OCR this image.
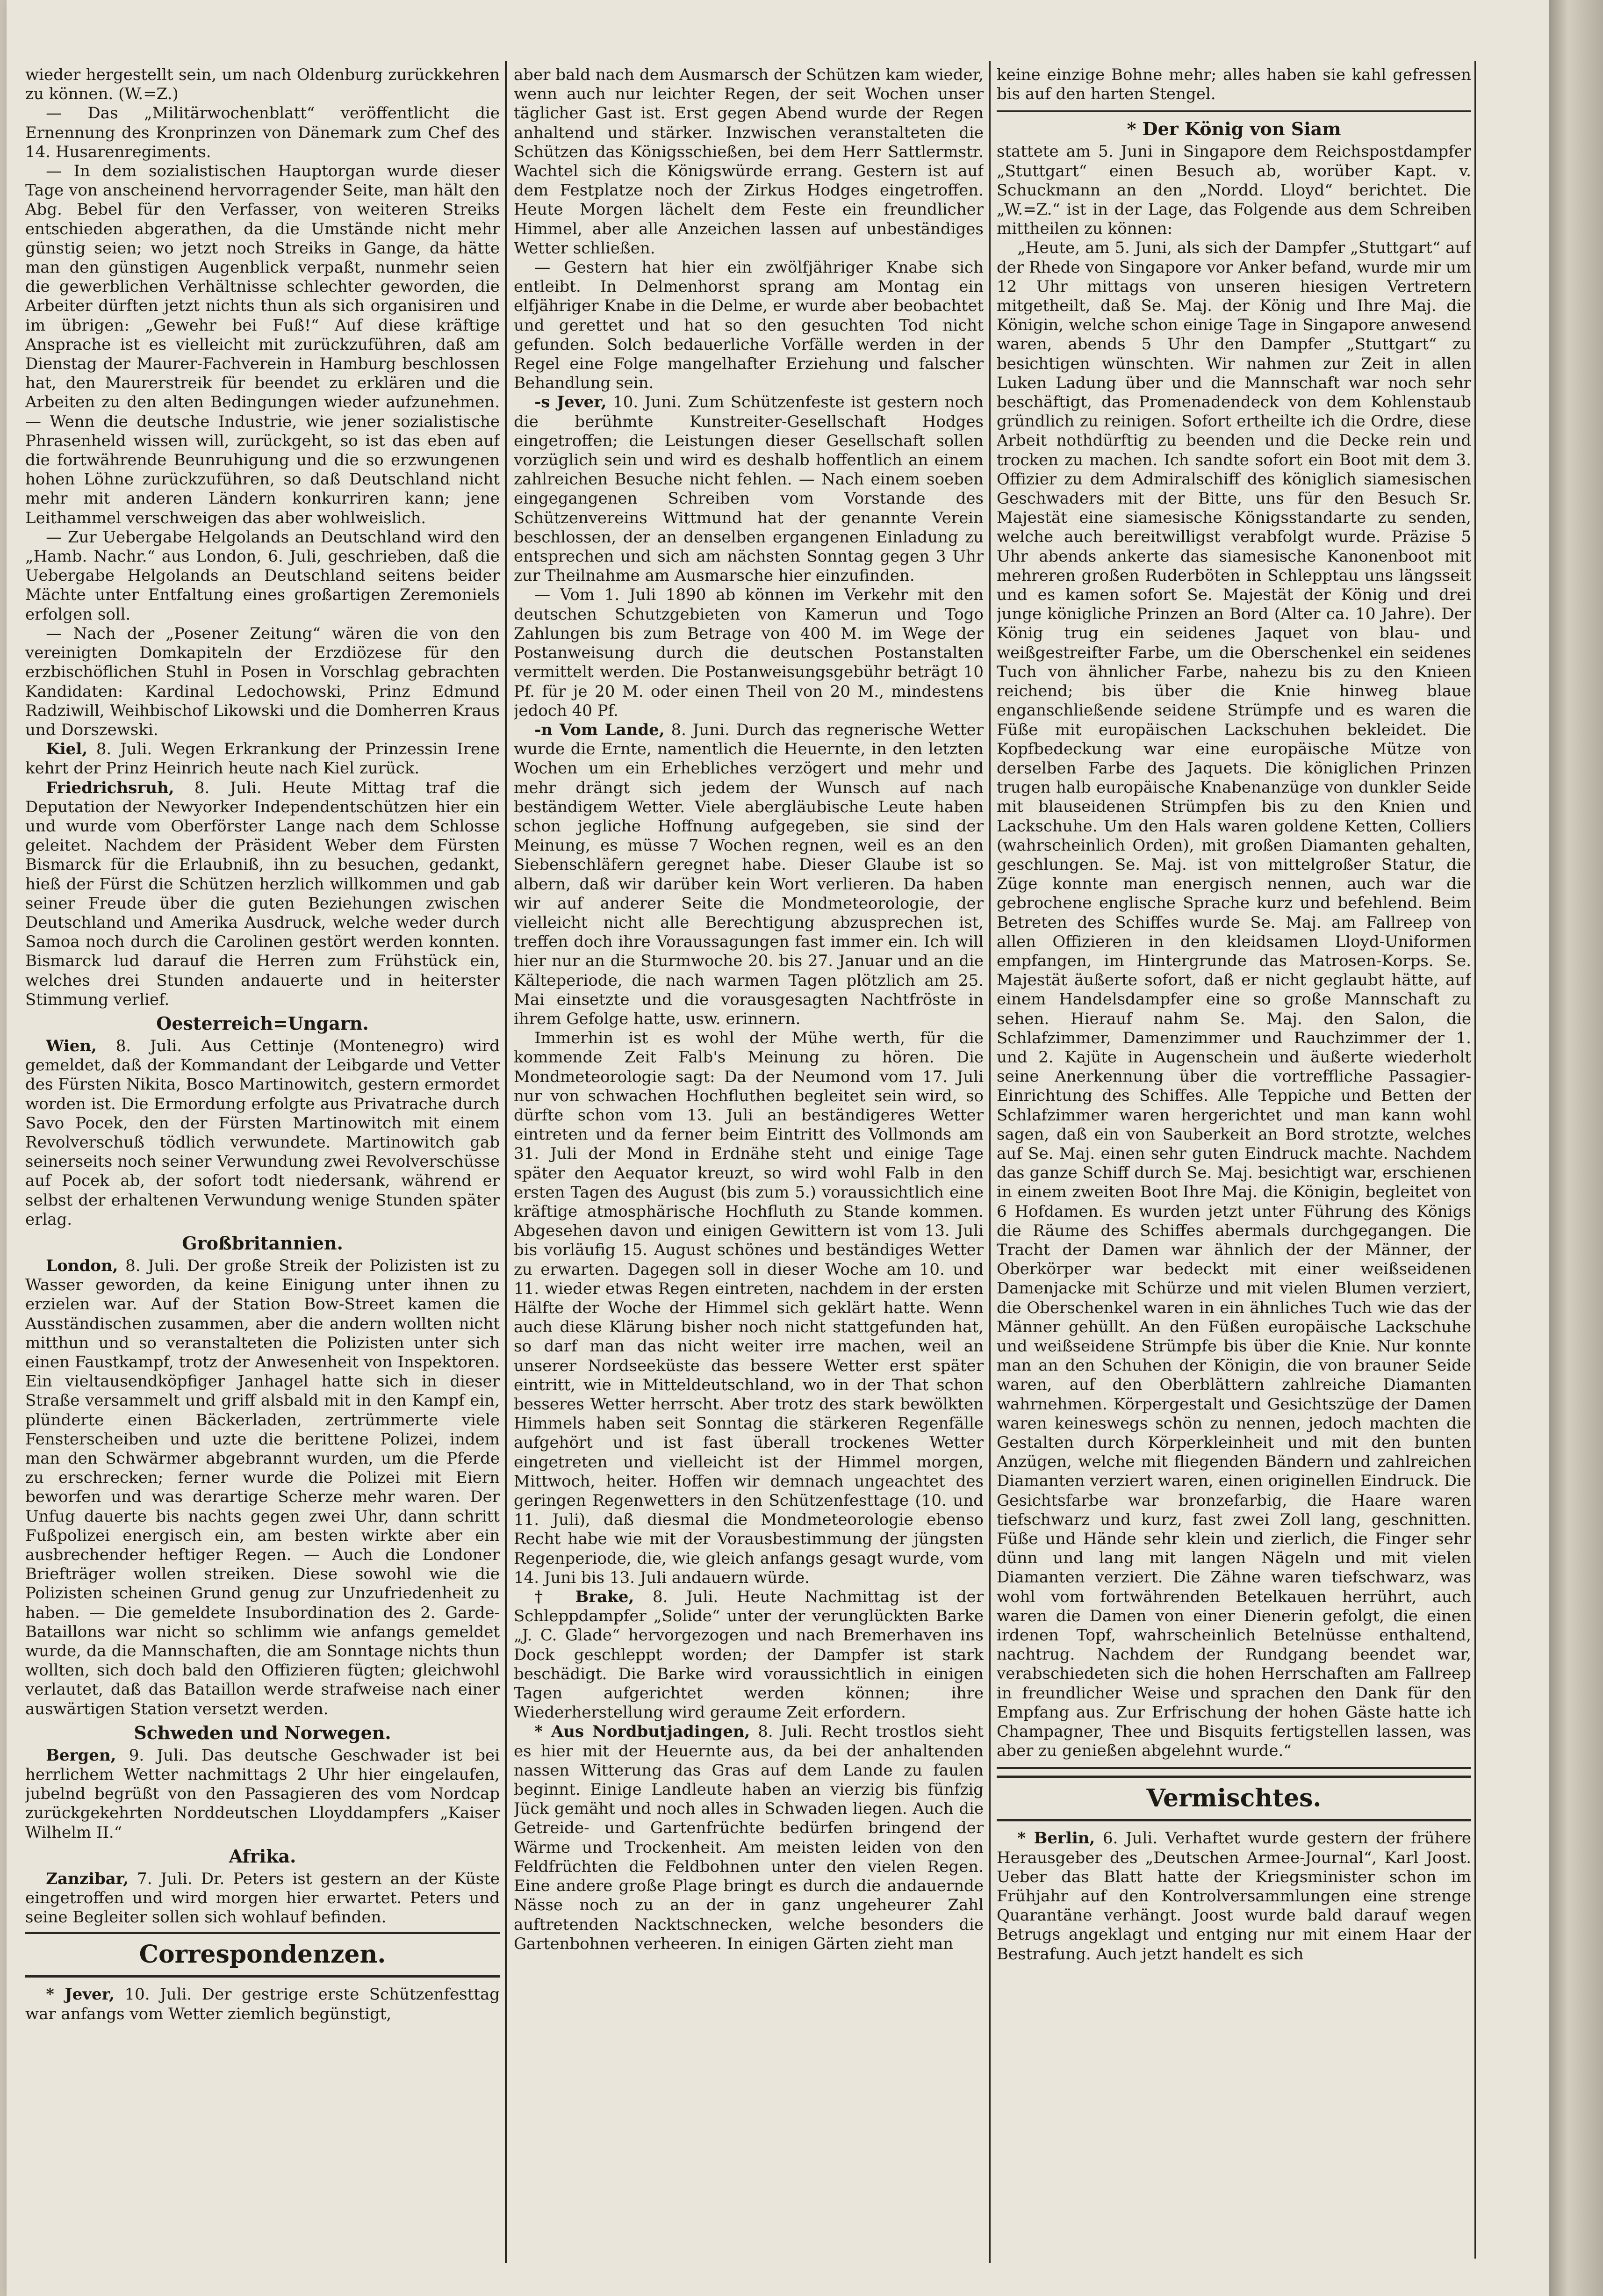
wieder hergestellt sein, um nach Oldenburg zurückkehren zu können. (W.=Z.)

— Das „Militärwochenblatt“ veröffentlicht die Ernennung des Kronprinzen von Dänemark zum Chef des 14. Husarenregiments.

— In dem sozialistischen Hauptorgan wurde dieser Tage von anscheinend hervorragender Seite, man hält den Abg. Bebel für den Verfasser, von weiteren Streiks entschieden abgerathen, da die Umstände nicht mehr günstig seien; wo jetzt noch Streiks in Gange, da hätte man den günstigen Augenblick verpaßt, nunmehr seien die gewerblichen Verhältnisse schlechter geworden, die Arbeiter dürften jetzt nichts thun als sich organisiren und im übrigen: „Gewehr bei Fuß!“ Auf diese kräftige Ansprache ist es vielleicht mit zurückzuführen, daß am Dienstag der Maurer-Fachverein in Hamburg beschlossen hat, den Maurerstreik für beendet zu erklären und die Arbeiten zu den alten Bedingungen wieder aufzunehmen. — Wenn die deutsche Industrie, wie jener sozialistische Phrasenheld wissen will, zurückgeht, so ist das eben auf die fortwährende Beunruhigung und die so erzwungenen hohen Löhne zurückzuführen, so daß Deutschland nicht mehr mit anderen Ländern konkurriren kann; jene Leithammel verschweigen das aber wohlweislich.

— Zur Uebergabe Helgolands an Deutschland wird den „Hamb. Nachr.“ aus London, 6. Juli, geschrieben, daß die Uebergabe Helgolands an Deutschland seitens beider Mächte unter Entfaltung eines großartigen Zeremoniels erfolgen soll.

— Nach der „Posener Zeitung“ wären die von den vereinigten Domkapiteln der Erzdiözese für den erzbischöflichen Stuhl in Posen in Vorschlag gebrachten Kandidaten: Kardinal Ledochowski, Prinz Edmund Radziwill, Weihbischof Likowski und die Domherren Kraus und Dorszewski.

Kiel, 8. Juli. Wegen Erkrankung der Prinzessin Irene kehrt der Prinz Heinrich heute nach Kiel zurück.

Friedrichsruh, 8. Juli. Heute Mittag traf die Deputation der Newyorker Independentschützen hier ein und wurde vom Oberförster Lange nach dem Schlosse geleitet. Nachdem der Präsident Weber dem Fürsten Bismarck für die Erlaubniß, ihn zu besuchen, gedankt, hieß der Fürst die Schützen herzlich willkommen und gab seiner Freude über die guten Beziehungen zwischen Deutschland und Amerika Ausdruck, welche weder durch Samoa noch durch die Carolinen gestört werden konnten. Bismarck lud darauf die Herren zum Frühstück ein, welches drei Stunden andauerte und in heiterster Stimmung verlief.

Oesterreich=Ungarn.

Wien, 8. Juli. Aus Cettinje (Montenegro) wird gemeldet, daß der Kommandant der Leibgarde und Vetter des Fürsten Nikita, Bosco Martinowitch, gestern ermordet worden ist. Die Ermordung erfolgte aus Privatrache durch Savo Pocek, den der Fürsten Martinowitch mit einem Revolverschuß tödlich verwundete. Martinowitch gab seinerseits noch seiner Verwundung zwei Revolverschüsse auf Pocek ab, der sofort todt niedersank, während er selbst der erhaltenen Verwundung wenige Stunden später erlag.

Großbritannien.

London, 8. Juli. Der große Streik der Polizisten ist zu Wasser geworden, da keine Einigung unter ihnen zu erzielen war. Auf der Station Bow-Street kamen die Ausständischen zusammen, aber die andern wollten nicht mitthun und so veranstalteten die Polizisten unter sich einen Faustkampf, trotz der Anwesenheit von Inspektoren. Ein vieltausendköpfiger Janhagel hatte sich in dieser Straße versammelt und griff alsbald mit in den Kampf ein, plünderte einen Bäckerladen, zertrümmerte viele Fensterscheiben und uzte die berittene Polizei, indem man den Schwärmer abgebrannt wurden, um die Pferde zu erschrecken; ferner wurde die Polizei mit Eiern beworfen und was derartige Scherze mehr waren. Der Unfug dauerte bis nachts gegen zwei Uhr, dann schritt Fußpolizei energisch ein, am besten wirkte aber ein ausbrechender heftiger Regen. — Auch die Londoner Briefträger wollen streiken. Diese sowohl wie die Polizisten scheinen Grund genug zur Unzufriedenheit zu haben. — Die gemeldete Insubordination des 2. Garde-Bataillons war nicht so schlimm wie anfangs gemeldet wurde, da die Mannschaften, die am Sonntage nichts thun wollten, sich doch bald den Offizieren fügten; gleichwohl verlautet, daß das Bataillon werde strafweise nach einer auswärtigen Station versetzt werden.

Schweden und Norwegen.

Bergen, 9. Juli. Das deutsche Geschwader ist bei herrlichem Wetter nachmittags 2 Uhr hier eingelaufen, jubelnd begrüßt von den Passagieren des vom Nordcap zurückgekehrten Norddeutschen Lloyddampfers „Kaiser Wilhelm II.“

Afrika.

Zanzibar, 7. Juli. Dr. Peters ist gestern an der Küste eingetroffen und wird morgen hier erwartet. Peters und seine Begleiter sollen sich wohlauf befinden.

Correspondenzen.

* Jever, 10. Juli. Der gestrige erste Schützenfesttag war anfangs vom Wetter ziemlich begünstigt,

aber bald nach dem Ausmarsch der Schützen kam wieder, wenn auch nur leichter Regen, der seit Wochen unser täglicher Gast ist. Erst gegen Abend wurde der Regen anhaltend und stärker. Inzwischen veranstalteten die Schützen das Königsschießen, bei dem Herr Sattlermstr. Wachtel sich die Königswürde errang. Gestern ist auf dem Festplatze noch der Zirkus Hodges eingetroffen. Heute Morgen lächelt dem Feste ein freundlicher Himmel, aber alle Anzeichen lassen auf unbeständiges Wetter schließen.

— Gestern hat hier ein zwölfjähriger Knabe sich entleibt. In Delmenhorst sprang am Montag ein elfjähriger Knabe in die Delme, er wurde aber beobachtet und gerettet und hat so den gesuchten Tod nicht gefunden. Solch bedauerliche Vorfälle werden in der Regel eine Folge mangelhafter Erziehung und falscher Behandlung sein.

-s Jever, 10. Juni. Zum Schützenfeste ist gestern noch die berühmte Kunstreiter-Gesellschaft Hodges eingetroffen; die Leistungen dieser Gesellschaft sollen vorzüglich sein und wird es deshalb hoffentlich an einem zahlreichen Besuche nicht fehlen. — Nach einem soeben eingegangenen Schreiben vom Vorstande des Schützenvereins Wittmund hat der genannte Verein beschlossen, der an denselben ergangenen Einladung zu entsprechen und sich am nächsten Sonntag gegen 3 Uhr zur Theilnahme am Ausmarsche hier einzufinden.

— Vom 1. Juli 1890 ab können im Verkehr mit den deutschen Schutzgebieten von Kamerun und Togo Zahlungen bis zum Betrage von 400 M. im Wege der Postanweisung durch die deutschen Postanstalten vermittelt werden. Die Postanweisungsgebühr beträgt 10 Pf. für je 20 M. oder einen Theil von 20 M., mindestens jedoch 40 Pf.

-n Vom Lande, 8. Juni. Durch das regnerische Wetter wurde die Ernte, namentlich die Heuernte, in den letzten Wochen um ein Erhebliches verzögert und mehr und mehr drängt sich jedem der Wunsch auf nach beständigem Wetter. Viele abergläubische Leute haben schon jegliche Hoffnung aufgegeben, sie sind der Meinung, es müsse 7 Wochen regnen, weil es an den Siebenschläfern geregnet habe. Dieser Glaube ist so albern, daß wir darüber kein Wort verlieren. Da haben wir auf anderer Seite die Mondmeteorologie, der vielleicht nicht alle Berechtigung abzusprechen ist, treffen doch ihre Voraussagungen fast immer ein. Ich will hier nur an die Sturmwoche 20. bis 27. Januar und an die Kälteperiode, die nach warmen Tagen plötzlich am 25. Mai einsetzte und die vorausgesagten Nachtfröste in ihrem Gefolge hatte, usw. erinnern.

Immerhin ist es wohl der Mühe werth, für die kommende Zeit Falb's Meinung zu hören. Die Mondmeteorologie sagt: Da der Neumond vom 17. Juli nur von schwachen Hochfluthen begleitet sein wird, so dürfte schon vom 13. Juli an beständigeres Wetter eintreten und da ferner beim Eintritt des Vollmonds am 31. Juli der Mond in Erdnähe steht und einige Tage später den Aequator kreuzt, so wird wohl Falb in den ersten Tagen des August (bis zum 5.) voraussichtlich eine kräftige atmosphärische Hochfluth zu Stande kommen. Abgesehen davon und einigen Gewittern ist vom 13. Juli bis vorläufig 15. August schönes und beständiges Wetter zu erwarten. Dagegen soll in dieser Woche am 10. und 11. wieder etwas Regen eintreten, nachdem in der ersten Hälfte der Woche der Himmel sich geklärt hatte. Wenn auch diese Klärung bisher noch nicht stattgefunden hat, so darf man das nicht weiter irre machen, weil an unserer Nordseeküste das bessere Wetter erst später eintritt, wie in Mitteldeutschland, wo in der That schon besseres Wetter herrscht. Aber trotz des stark bewölkten Himmels haben seit Sonntag die stärkeren Regenfälle aufgehört und ist fast überall trockenes Wetter eingetreten und vielleicht ist der Himmel morgen, Mittwoch, heiter. Hoffen wir demnach ungeachtet des geringen Regenwetters in den Schützenfesttage (10. und 11. Juli), daß diesmal die Mondmeteorologie ebenso Recht habe wie mit der Vorausbestimmung der jüngsten Regenperiode, die, wie gleich anfangs gesagt wurde, vom 14. Juni bis 13. Juli andauern würde.

† Brake, 8. Juli. Heute Nachmittag ist der Schleppdampfer „Solide“ unter der verunglückten Barke „J. C. Glade“ hervorgezogen und nach Bremerhaven ins Dock geschleppt worden; der Dampfer ist stark beschädigt. Die Barke wird voraussichtlich in einigen Tagen aufgerichtet werden können; ihre Wiederherstellung wird geraume Zeit erfordern.

* Aus Nordbutjadingen, 8. Juli. Recht trostlos sieht es hier mit der Heuernte aus, da bei der anhaltenden nassen Witterung das Gras auf dem Lande zu faulen beginnt. Einige Landleute haben an vierzig bis fünfzig Jück gemäht und noch alles in Schwaden liegen. Auch die Getreide- und Gartenfrüchte bedürfen bringend der Wärme und Trockenheit. Am meisten leiden von den Feldfrüchten die Feldbohnen unter den vielen Regen. Eine andere große Plage bringt es durch die andauernde Nässe noch zu an der in ganz ungeheurer Zahl auftretenden Nacktschnecken, welche besonders die Gartenbohnen verheeren. In einigen Gärten zieht man

keine einzige Bohne mehr; alles haben sie kahl gefressen bis auf den harten Stengel.

* Der König von Siam

stattete am 5. Juni in Singapore dem Reichspostdampfer „Stuttgart“ einen Besuch ab, worüber Kapt. v. Schuckmann an den „Nordd. Lloyd“ berichtet. Die „W.=Z.“ ist in der Lage, das Folgende aus dem Schreiben mittheilen zu können:

„Heute, am 5. Juni, als sich der Dampfer „Stuttgart“ auf der Rhede von Singapore vor Anker befand, wurde mir um 12 Uhr mittags von unseren hiesigen Vertretern mitgetheilt, daß Se. Maj. der König und Ihre Maj. die Königin, welche schon einige Tage in Singapore anwesend waren, abends 5 Uhr den Dampfer „Stuttgart“ zu besichtigen wünschten. Wir nahmen zur Zeit in allen Luken Ladung über und die Mannschaft war noch sehr beschäftigt, das Promenadendeck von dem Kohlenstaub gründlich zu reinigen. Sofort ertheilte ich die Ordre, diese Arbeit nothdürftig zu beenden und die Decke rein und trocken zu machen. Ich sandte sofort ein Boot mit dem 3. Offizier zu dem Admiralschiff des königlich siamesischen Geschwaders mit der Bitte, uns für den Besuch Sr. Majestät eine siamesische Königsstandarte zu senden, welche auch bereitwilligst verabfolgt wurde. Präzise 5 Uhr abends ankerte das siamesische Kanonenboot mit mehreren großen Ruderböten in Schlepptau uns längsseit und es kamen sofort Se. Majestät der König und drei junge königliche Prinzen an Bord (Alter ca. 10 Jahre). Der König trug ein seidenes Jaquet von blau- und weißgestreifter Farbe, um die Oberschenkel ein seidenes Tuch von ähnlicher Farbe, nahezu bis zu den Knieen reichend; bis über die Knie hinweg blaue enganschließende seidene Strümpfe und es waren die Füße mit europäischen Lackschuhen bekleidet. Die Kopfbedeckung war eine europäische Mütze von derselben Farbe des Jaquets. Die königlichen Prinzen trugen halb europäische Knabenanzüge von dunkler Seide mit blauseidenen Strümpfen bis zu den Knien und Lackschuhe. Um den Hals waren goldene Ketten, Colliers (wahrscheinlich Orden), mit großen Diamanten gehalten, geschlungen. Se. Maj. ist von mittelgroßer Statur, die Züge konnte man energisch nennen, auch war die gebrochene englische Sprache kurz und befehlend. Beim Betreten des Schiffes wurde Se. Maj. am Fallreep von allen Offizieren in den kleidsamen Lloyd-Uniformen empfangen, im Hintergrunde das Matrosen-Korps. Se. Majestät äußerte sofort, daß er nicht geglaubt hätte, auf einem Handelsdampfer eine so große Mannschaft zu sehen. Hierauf nahm Se. Maj. den Salon, die Schlafzimmer, Damenzimmer und Rauchzimmer der 1. und 2. Kajüte in Augenschein und äußerte wiederholt seine Anerkennung über die vortreffliche Passagier-Einrichtung des Schiffes. Alle Teppiche und Betten der Schlafzimmer waren hergerichtet und man kann wohl sagen, daß ein von Sauberkeit an Bord strotzte, welches auf Se. Maj. einen sehr guten Eindruck machte. Nachdem das ganze Schiff durch Se. Maj. besichtigt war, erschienen in einem zweiten Boot Ihre Maj. die Königin, begleitet von 6 Hofdamen. Es wurden jetzt unter Führung des Königs die Räume des Schiffes abermals durchgegangen. Die Tracht der Damen war ähnlich der der Männer, der Oberkörper war bedeckt mit einer weißseidenen Damenjacke mit Schürze und mit vielen Blumen verziert, die Oberschenkel waren in ein ähnliches Tuch wie das der Männer gehüllt. An den Füßen europäische Lackschuhe und weißseidene Strümpfe bis über die Knie. Nur konnte man an den Schuhen der Königin, die von brauner Seide waren, auf den Oberblättern zahlreiche Diamanten wahrnehmen. Körpergestalt und Gesichtszüge der Damen waren keineswegs schön zu nennen, jedoch machten die Gestalten durch Körperkleinheit und mit den bunten Anzügen, welche mit fliegenden Bändern und zahlreichen Diamanten verziert waren, einen originellen Eindruck. Die Gesichtsfarbe war bronzefarbig, die Haare waren tiefschwarz und kurz, fast zwei Zoll lang, geschnitten. Füße und Hände sehr klein und zierlich, die Finger sehr dünn und lang mit langen Nägeln und mit vielen Diamanten verziert. Die Zähne waren tiefschwarz, was wohl vom fortwährenden Betelkauen herrührt, auch waren die Damen von einer Dienerin gefolgt, die einen irdenen Topf, wahrscheinlich Betelnüsse enthaltend, nachtrug. Nachdem der Rundgang beendet war, verabschiedeten sich die hohen Herrschaften am Fallreep in freundlicher Weise und sprachen den Dank für den Empfang aus. Zur Erfrischung der hohen Gäste hatte ich Champagner, Thee und Bisquits fertigstellen lassen, was aber zu genießen abgelehnt wurde.“

Vermischtes.

* Berlin, 6. Juli. Verhaftet wurde gestern der frühere Herausgeber des „Deutschen Armee-Journal“, Karl Joost. Ueber das Blatt hatte der Kriegsminister schon im Frühjahr auf den Kontrolversammlungen eine strenge Quarantäne verhängt. Joost wurde bald darauf wegen Betrugs angeklagt und entging nur mit einem Haar der Bestrafung. Auch jetzt handelt es sich
